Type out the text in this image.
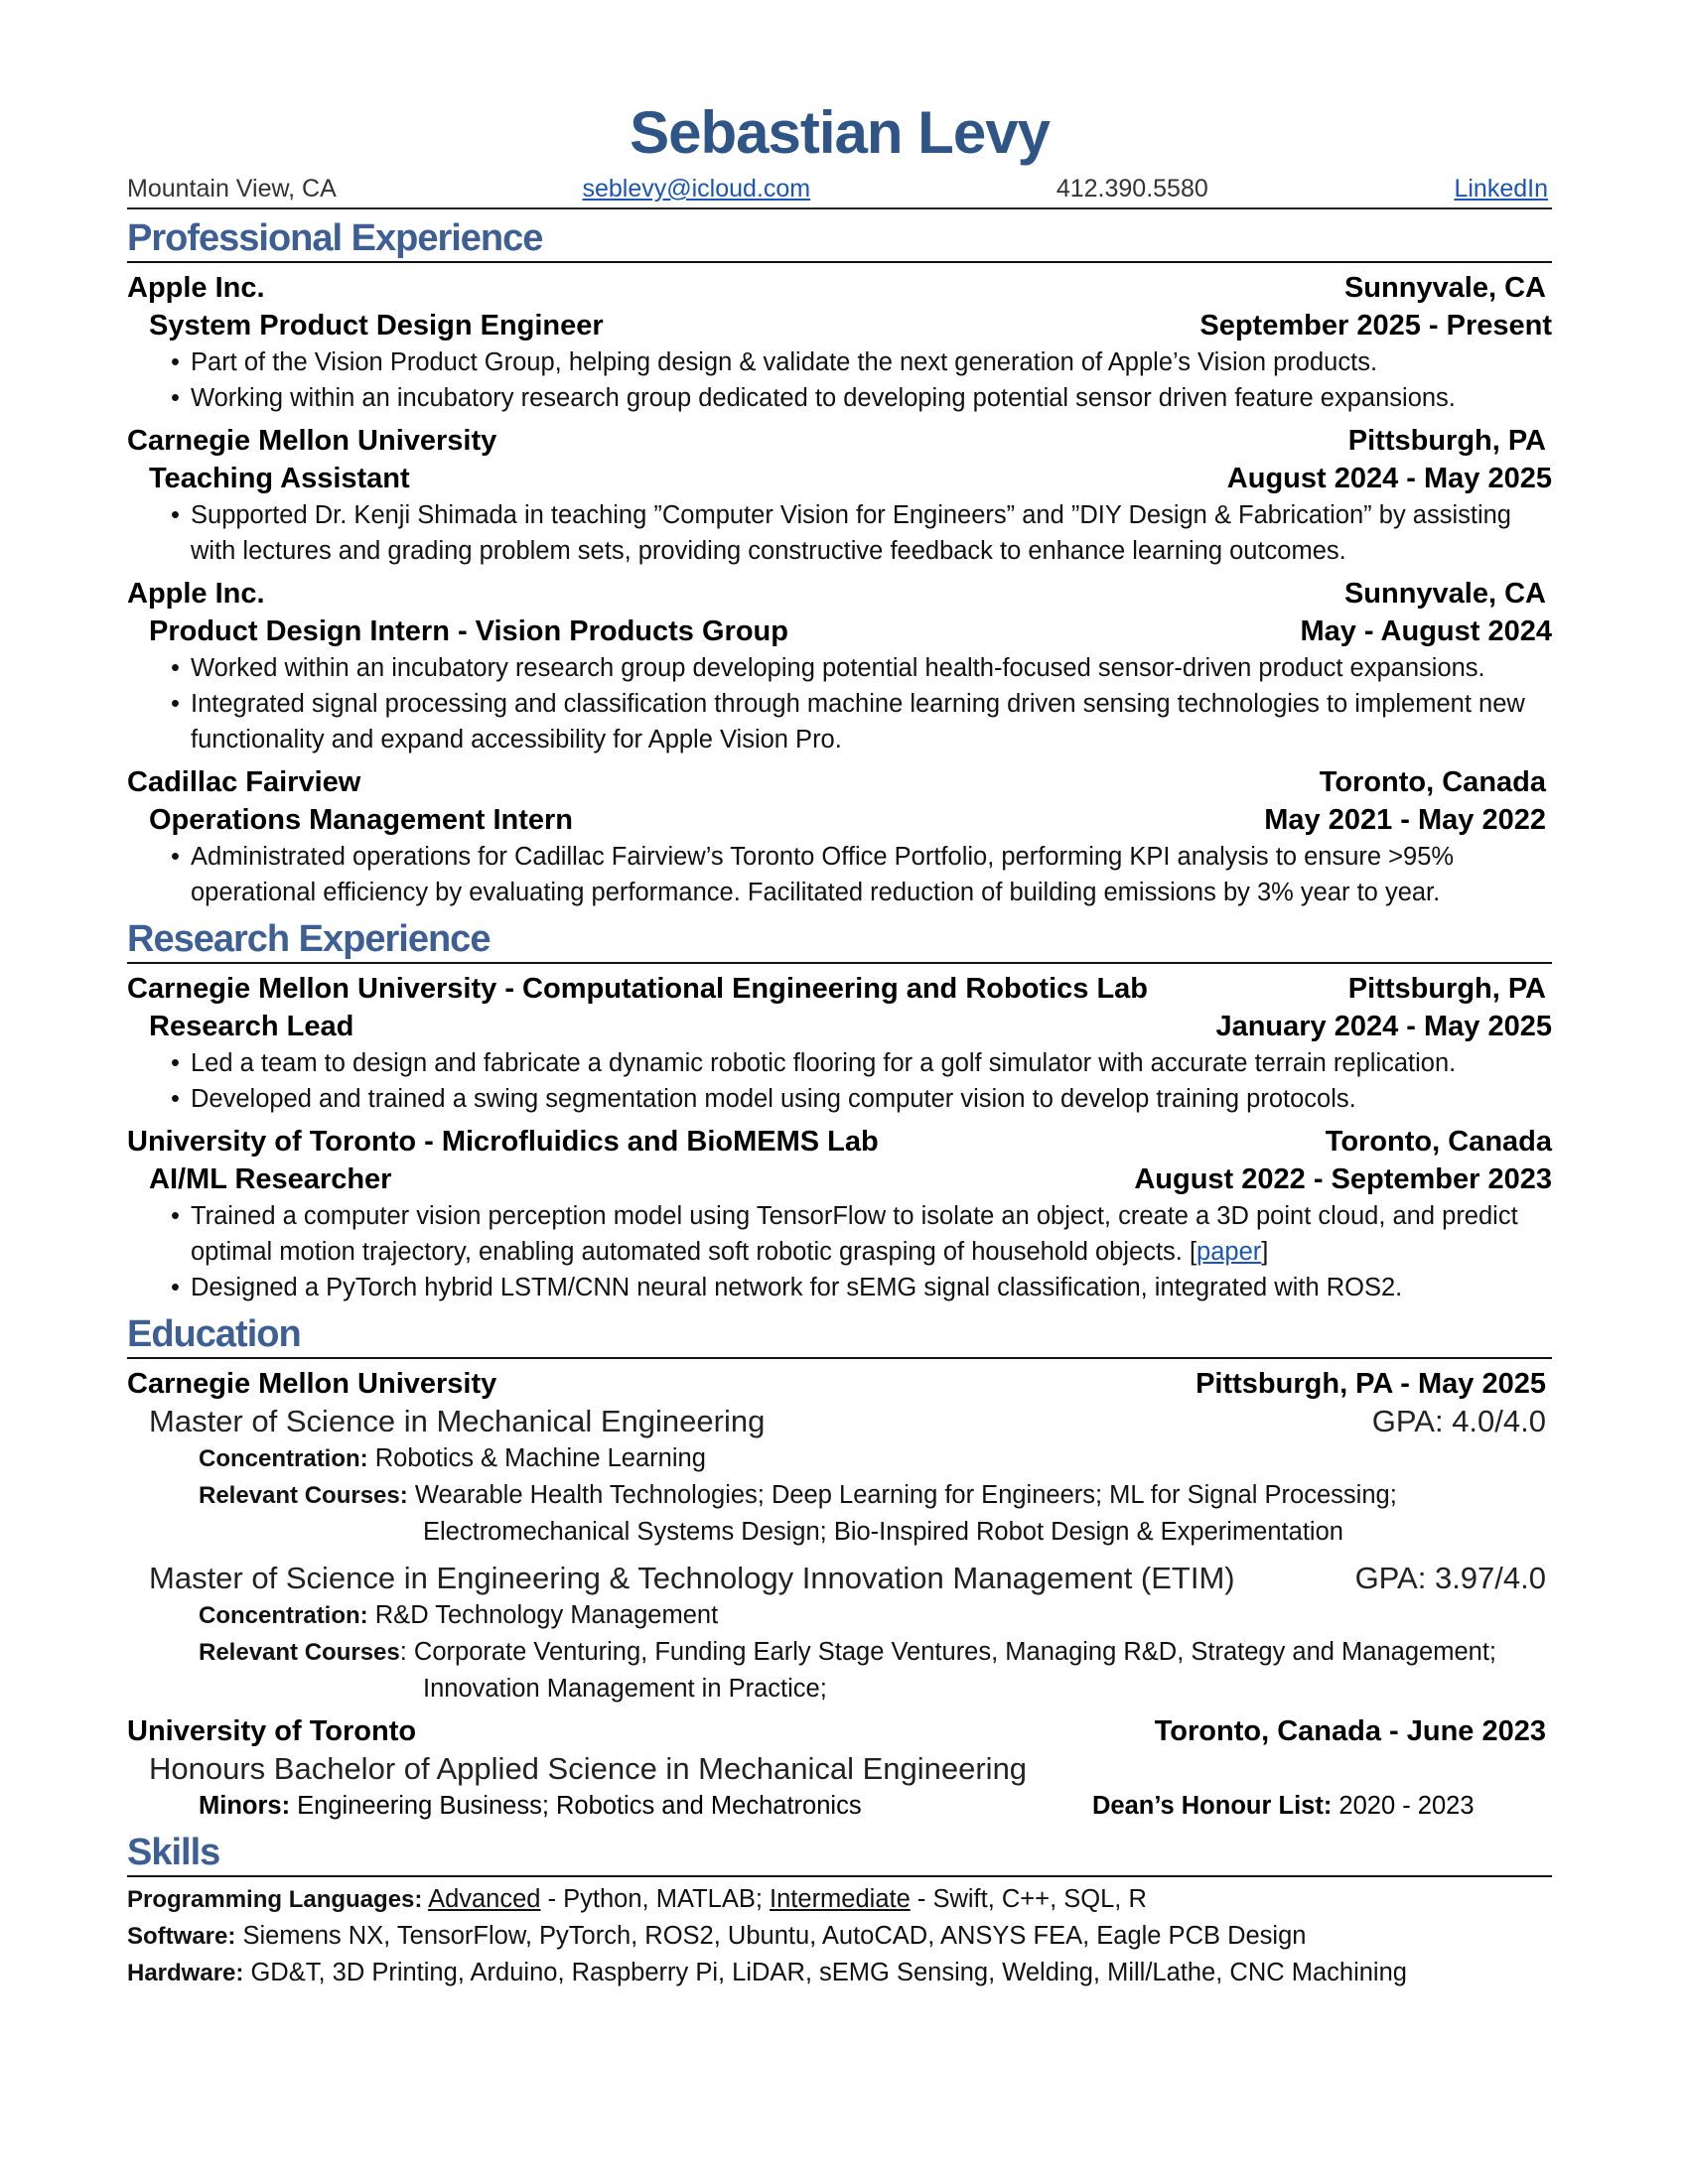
Sebastian Levy
Mountain View, CA	seblevy@icloud.com	412.390.5580	LinkedIn
Professional Experience
Apple Inc.	Sunnyvale, CA
System Product Design Engineer	September 2025 - Present
• Part of the Vision Product Group, helping design & validate the next generation of Apple’s Vision products.
• Working within an incubatory research group dedicated to developing potential sensor driven feature expansions.
Carnegie Mellon University	Pittsburgh, PA
Teaching Assistant	August 2024 - May 2025
• Supported Dr. Kenji Shimada in teaching ”Computer Vision for Engineers” and ”DIY Design & Fabrication” by assisting with lectures and grading problem sets, providing constructive feedback to enhance learning outcomes.
Apple Inc.	Sunnyvale, CA
Product Design Intern - Vision Products Group	May - August 2024
• Worked within an incubatory research group developing potential health-focused sensor-driven product expansions.
• Integrated signal processing and classification through machine learning driven sensing technologies to implement new functionality and expand accessibility for Apple Vision Pro.
Cadillac Fairview	Toronto, Canada
Operations Management Intern	May 2021 - May 2022
• Administrated operations for Cadillac Fairview’s Toronto Office Portfolio, performing KPI analysis to ensure >95% operational efficiency by evaluating performance. Facilitated reduction of building emissions by 3% year to year.
Research Experience
Carnegie Mellon University - Computational Engineering and Robotics Lab	Pittsburgh, PA
Research Lead	January 2024 - May 2025
• Led a team to design and fabricate a dynamic robotic flooring for a golf simulator with accurate terrain replication.
• Developed and trained a swing segmentation model using computer vision to develop training protocols.
University of Toronto - Microfluidics and BioMEMS Lab	Toronto, Canada
AI/ML Researcher	August 2022 - September 2023
• Trained a computer vision perception model using TensorFlow to isolate an object, create a 3D point cloud, and predict optimal motion trajectory, enabling automated soft robotic grasping of household objects. [paper]
• Designed a PyTorch hybrid LSTM/CNN neural network for sEMG signal classification, integrated with ROS2.
Education
Carnegie Mellon University	Pittsburgh, PA - May 2025
Master of Science in Mechanical Engineering	GPA: 4.0/4.0
Concentration: Robotics & Machine Learning
Relevant Courses: Wearable Health Technologies; Deep Learning for Engineers; ML for Signal Processing;
Electromechanical Systems Design; Bio-Inspired Robot Design & Experimentation
Master of Science in Engineering & Technology Innovation Management (ETIM)	GPA: 3.97/4.0
Concentration: R&D Technology Management
Relevant Courses: Corporate Venturing, Funding Early Stage Ventures, Managing R&D, Strategy and Management;
Innovation Management in Practice;
University of Toronto	Toronto, Canada - June 2023
Honours Bachelor of Applied Science in Mechanical Engineering
Minors: Engineering Business; Robotics and Mechatronics	Dean’s Honour List: 2020 - 2023
Skills
Programming Languages: Advanced - Python, MATLAB; Intermediate - Swift, C++, SQL, R
Software: Siemens NX, TensorFlow, PyTorch, ROS2, Ubuntu, AutoCAD, ANSYS FEA, Eagle PCB Design
Hardware: GD&T, 3D Printing, Arduino, Raspberry Pi, LiDAR, sEMG Sensing, Welding, Mill/Lathe, CNC Machining
